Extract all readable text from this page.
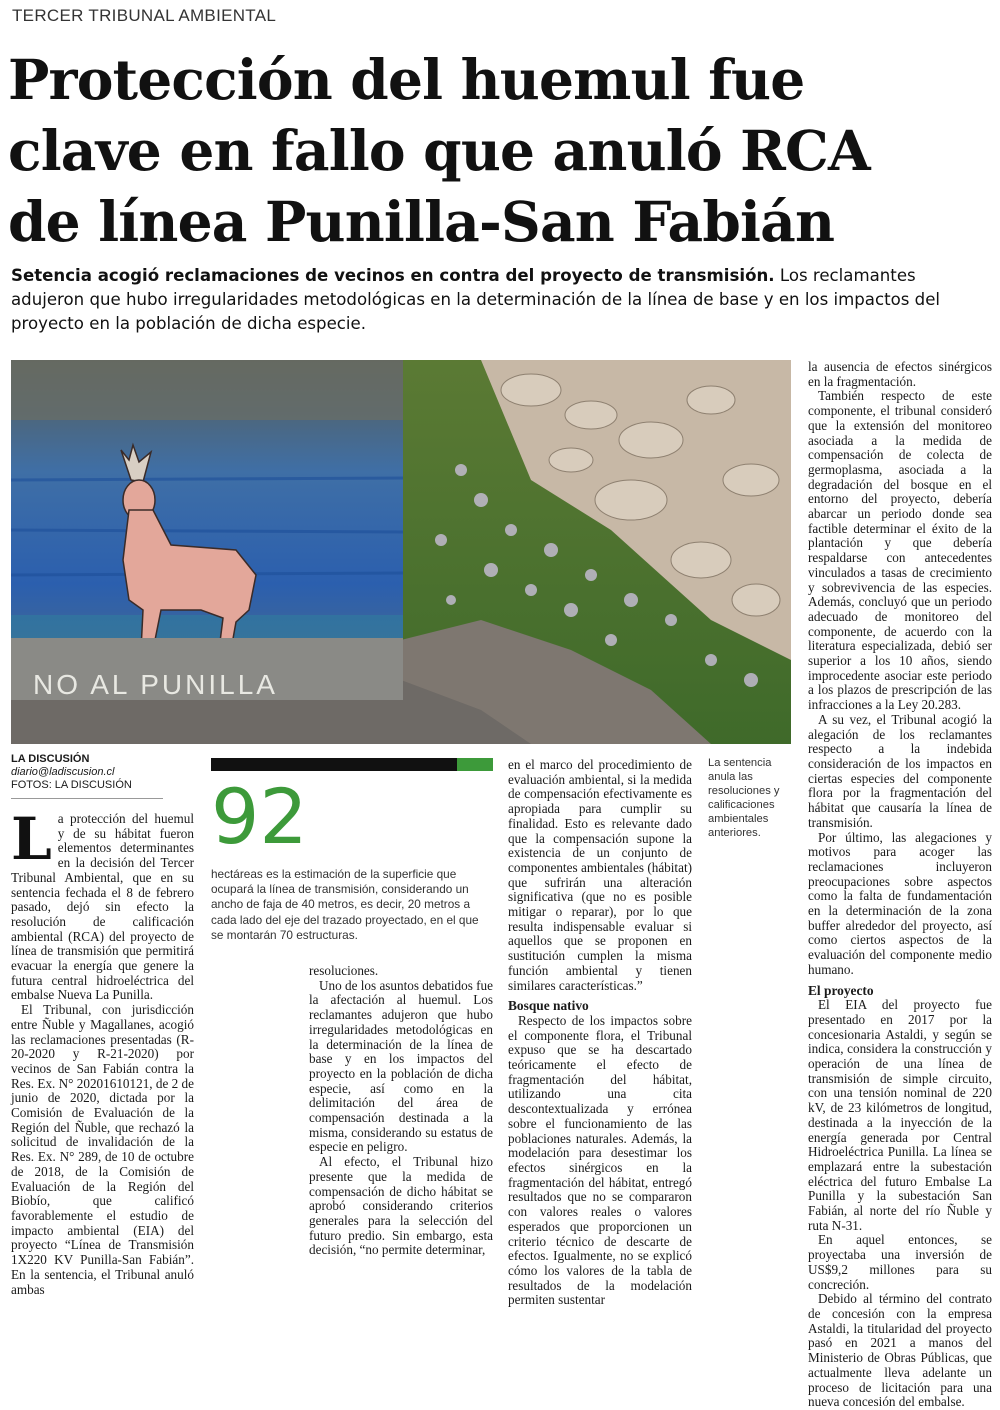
TERCER TRIBUNAL AMBIENTAL
Protección del huemul fue
clave en fallo que anuló RCA
de línea Punilla-San Fabián
Setencia acogió reclamaciones de vecinos en contra del proyecto de transmisión. Los reclamantes adujeron que hubo irregularidades metodológicas en la determinación de la línea de base y en los impactos del proyecto en la población de dicha especie.
NO AL PUNILLA
LA DISCUSIÓN
diario@ladiscusion.cl
FOTOS: LA DISCUSIÓN	92
hectáreas es la estimación de la superficie que ocupará la línea de transmisión, considerando un ancho de faja de 40 metros, es decir, 20 metros a cada lado del eje del trazado proyectado, en el que se montarán 70 estructuras.
La sentencia anula las resoluciones y calificaciones ambientales anteriores.
L a protección del huemul y de su hábitat fueron elementos determinantes en la decisión del Tercer Tribunal Ambiental, que en su sentencia fechada el 8 de febrero pasado, dejó sin efecto la resolución de calificación ambiental (RCA) del proyecto de línea de transmisión que permitirá evacuar la energía que genere la futura central hidroeléctrica del embalse Nueva La Punilla.

El Tribunal, con jurisdicción entre Ñuble y Magallanes, acogió las reclamaciones presentadas (R-20-2020 y R-21-2020) por vecinos de San Fabián contra la Res. Ex. N° 20201610121, de 2 de junio de 2020, dictada por la Comisión de Evaluación de la Región del Ñuble, que rechazó la solicitud de invalidación de la Res. Ex. N° 289, de 10 de octubre de 2018, de la Comisión de Evaluación de la Región del Biobío, que calificó favorablemente el estudio de impacto ambiental (EIA) del proyecto “Línea de Transmisión 1X220 KV Punilla-San Fabián”. En la sentencia, el Tribunal anuló ambas

resoluciones.

Uno de los asuntos debatidos fue la afectación al huemul. Los reclamantes adujeron que hubo irregularidades metodológicas en la determinación de la línea de base y en los impactos del proyecto en la población de dicha especie, así como en la delimitación del área de compensación destinada a la misma, considerando su estatus de especie en peligro.

Al efecto, el Tribunal hizo presente que la medida de compensación de dicho hábitat se aprobó considerando criterios generales para la selección del futuro predio. Sin embargo, esta decisión, “no permite determinar,

en el marco del procedimiento de evaluación ambiental, si la medida de compensación efectivamente es apropiada para cumplir su finalidad. Esto es relevante dado que la compensación supone la existencia de un conjunto de componentes ambientales (hábitat) que sufrirán una alteración significativa (que no es posible mitigar o reparar), por lo que resulta indispensable evaluar si aquellos que se proponen en sustitución cumplen la misma función ambiental y tienen similares características.”

Bosque nativo

Respecto de los impactos sobre el componente flora, el Tribunal expuso que se ha descartado teóricamente el efecto de fragmentación del hábitat, utilizando una cita descontextualizada y errónea sobre el funcionamiento de las poblaciones naturales. Además, la modelación para desestimar los efectos sinérgicos en la fragmentación del hábitat, entregó resultados que no se compararon con valores reales o valores esperados que proporcionen un criterio técnico de descarte de efectos. Igualmente, no se explicó cómo los valores de la tabla de resultados de la modelación permiten sustentar

la ausencia de efectos sinérgicos en la fragmentación.

También respecto de este componente, el tribunal consideró que la extensión del monitoreo asociada a la medida de compensación de colecta de germoplasma, asociada a la degradación del bosque en el entorno del proyecto, debería abarcar un periodo donde sea factible determinar el éxito de la plantación y que debería respaldarse con antecedentes vinculados a tasas de crecimiento y sobrevivencia de las especies. Además, concluyó que un periodo adecuado de monitoreo del componente, de acuerdo con la literatura especializada, debió ser superior a los 10 años, siendo improcedente asociar este periodo a los plazos de prescripción de las infracciones a la Ley 20.283.

A su vez, el Tribunal acogió la alegación de los reclamantes respecto a la indebida consideración de los impactos en ciertas especies del componente flora por la fragmentación del hábitat que causaría la línea de transmisión.

Por último, las alegaciones y motivos para acoger las reclamaciones incluyeron preocupaciones sobre aspectos como la falta de fundamentación en la determinación de la zona buffer alrededor del proyecto, así como ciertos aspectos de la evaluación del componente medio humano.

El proyecto

El EIA del proyecto fue presentado en 2017 por la concesionaria Astaldi, y según se indica, considera la construcción y operación de una línea de transmisión de simple circuito, con una tensión nominal de 220 kV, de 23 kilómetros de longitud, destinada a la inyección de la energía generada por Central Hidroeléctrica Punilla. La línea se emplazará entre la subestación eléctrica del futuro Embalse La Punilla y la subestación San Fabián, al norte del río Ñuble y ruta N-31.

En aquel entonces, se proyectaba una inversión de US$9,2 millones para su concreción.

Debido al término del contrato de concesión con la empresa Astaldi, la titularidad del proyecto pasó en 2021 a manos del Ministerio de Obras Públicas, que actualmente lleva adelante un proceso de licitación para una nueva concesión del embalse.
